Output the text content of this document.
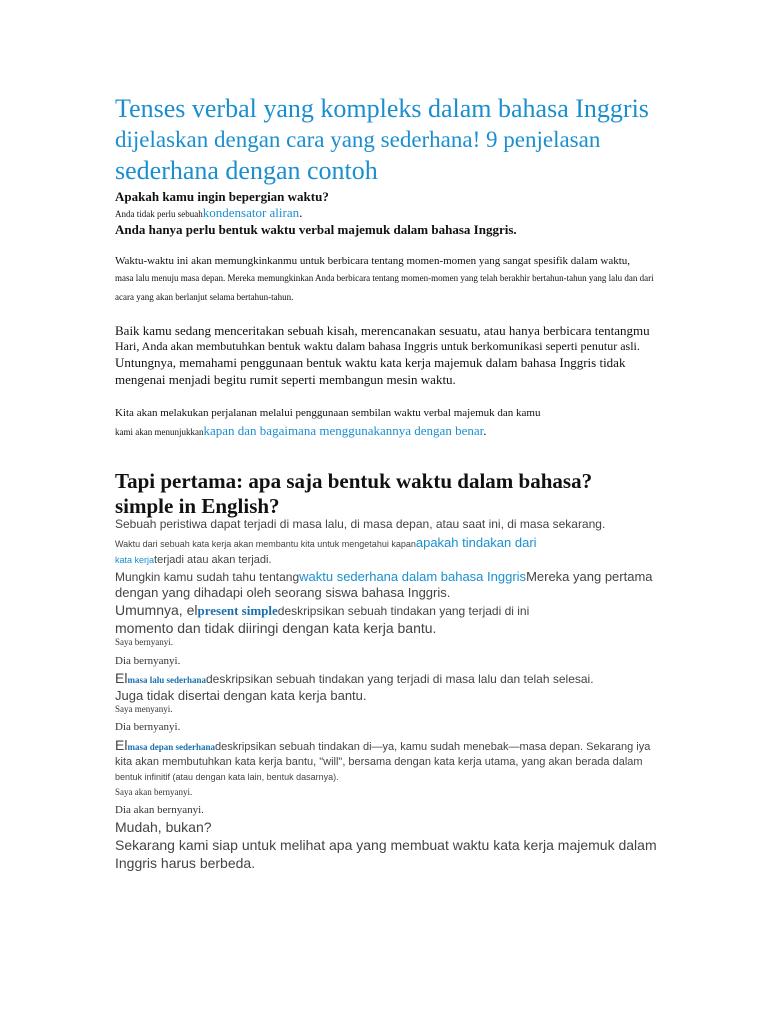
Tenses verbal yang kompleks dalam bahasa Inggris
dijelaskan dengan cara yang sederhana! 9 penjelasan
sederhana dengan contoh
Apakah kamu ingin bepergian waktu?
Anda tidak perlu sebuahkondensator aliran.
Anda hanya perlu bentuk waktu verbal majemuk dalam bahasa Inggris.
Waktu-waktu ini akan memungkinkanmu untuk berbicara tentang momen-momen yang sangat spesifik dalam waktu,
masa lalu menuju masa depan. Mereka memungkinkan Anda berbicara tentang momen-momen yang telah berakhir bertahun-tahun yang lalu dan dari
acara yang akan berlanjut selama bertahun-tahun.
Baik kamu sedang menceritakan sebuah kisah, merencanakan sesuatu, atau hanya berbicara tentangmu
Hari, Anda akan membutuhkan bentuk waktu dalam bahasa Inggris untuk berkomunikasi seperti penutur asli.
Untungnya, memahami penggunaan bentuk waktu kata kerja majemuk dalam bahasa Inggris tidak
mengenai menjadi begitu rumit seperti membangun mesin waktu.
Kita akan melakukan perjalanan melalui penggunaan sembilan waktu verbal majemuk dan kamu
kami akan menunjukkankapan dan bagaimana menggunakannya dengan benar.
Tapi pertama: apa saja bentuk waktu dalam bahasa?
simple in English?
Sebuah peristiwa dapat terjadi di masa lalu, di masa depan, atau saat ini, di masa sekarang.
Waktu dari sebuah kata kerja akan membantu kita untuk mengetahui kapanapakah tindakan dari
kata kerjaterjadi atau akan terjadi.
Mungkin kamu sudah tahu tentangwaktu sederhana dalam bahasa InggrisMereka yang pertama
dengan yang dihadapi oleh seorang siswa bahasa Inggris.
Umumnya, elpresent simpledeskripsikan sebuah tindakan yang terjadi di ini
momento dan tidak diiringi dengan kata kerja bantu.
Saya bernyanyi.
Dia bernyanyi.
Elmasa lalu sederhanadeskripsikan sebuah tindakan yang terjadi di masa lalu dan telah selesai.
Juga tidak disertai dengan kata kerja bantu.
Saya menyanyi.
Dia bernyanyi.
Elmasa depan sederhanadeskripsikan sebuah tindakan di—ya, kamu sudah menebak—masa depan. Sekarang iya
kita akan membutuhkan kata kerja bantu, "will", bersama dengan kata kerja utama, yang akan berada dalam
bentuk infinitif (atau dengan kata lain, bentuk dasarnya).
Saya akan bernyanyi.
Dia akan bernyanyi.
Mudah, bukan?
Sekarang kami siap untuk melihat apa yang membuat waktu kata kerja majemuk dalam
Inggris harus berbeda.
